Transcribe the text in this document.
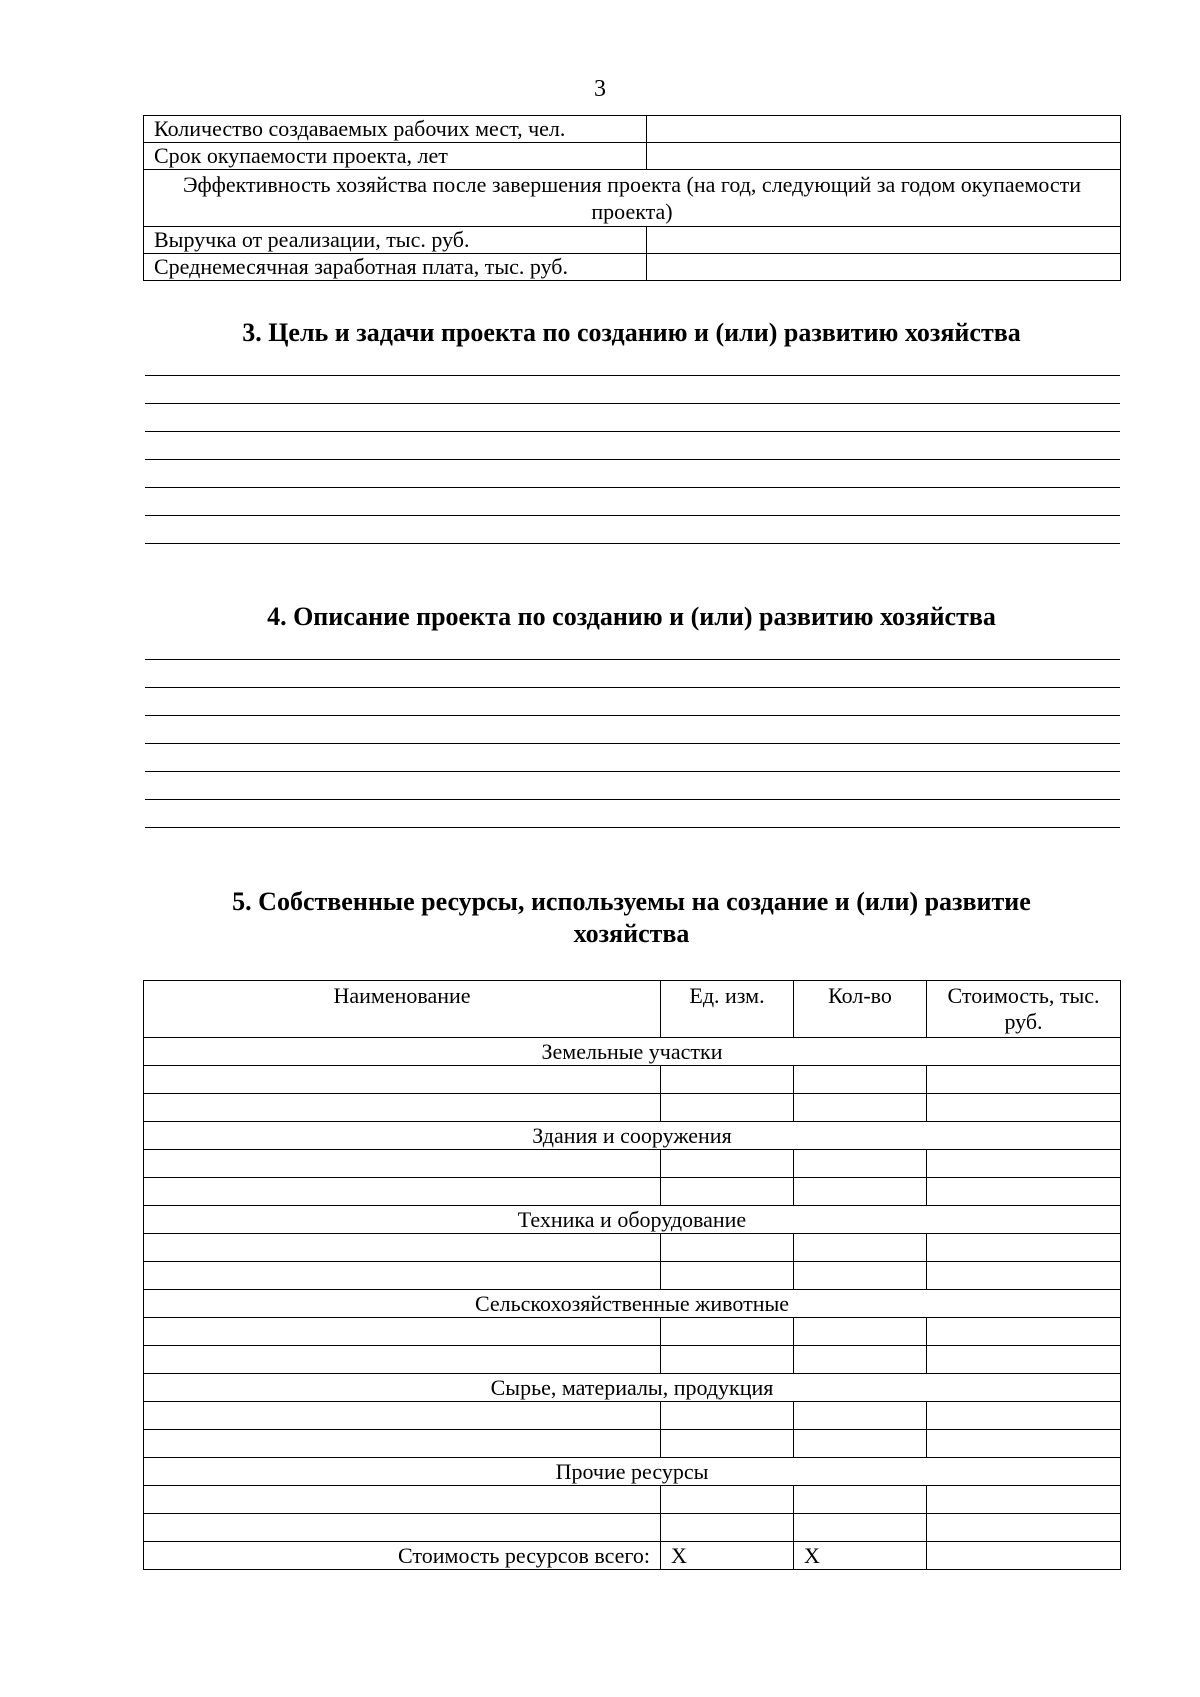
3
Количество создаваемых рабочих мест, чел.	
Срок окупаемости проекта, лет	
Эффективность хозяйства после завершения проекта (на год, следующий за годом окупаемости проекта)	
Выручка от реализации, тыс. руб.	
Среднемесячная заработная плата, тыс. руб.	
3. Цель и задачи проекта по созданию и (или) развитию хозяйства
4. Описание проекта по созданию и (или) развитию хозяйства
5. Собственные ресурсы, используемы на создание и (или) развитие хозяйства
Наименование	Ед. изм.	Кол-во	Стоимость, тыс. руб.
Земельные участки			

Здания и сооружения			

Техника и оборудование			

Сельскохозяйственные животные			

Сырье, материалы, продукция			

Прочие ресурсы			

Стоимость ресурсов всего:	X	X	
